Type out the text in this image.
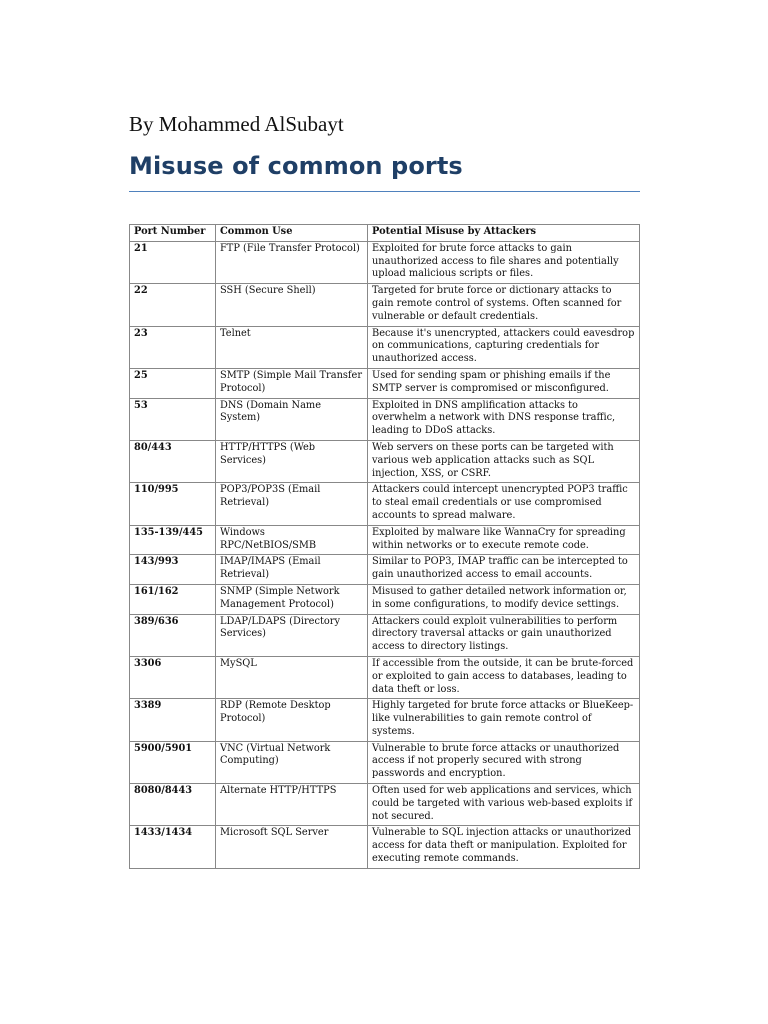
By Mohammed AlSubayt
Misuse of common ports
Port Number	Common Use	Potential Misuse by Attackers
21	FTP (File Transfer Protocol)	Exploited for brute force attacks to gain unauthorized access to file shares and potentially upload malicious scripts or files.
22	SSH (Secure Shell)	Targeted for brute force or dictionary attacks to gain remote control of systems. Often scanned for vulnerable or default credentials.
23	Telnet	Because it's unencrypted, attackers could eavesdrop on communications, capturing credentials for unauthorized access.
25	SMTP (Simple Mail Transfer Protocol)	Used for sending spam or phishing emails if the SMTP server is compromised or misconfigured.
53	DNS (Domain Name System)	Exploited in DNS amplification attacks to overwhelm a network with DNS response traffic, leading to DDoS attacks.
80/443	HTTP/HTTPS (Web Services)	Web servers on these ports can be targeted with various web application attacks such as SQL injection, XSS, or CSRF.
110/995	POP3/POP3S (Email Retrieval)	Attackers could intercept unencrypted POP3 traffic to steal email credentials or use compromised accounts to spread malware.
135-139/445	Windows RPC/NetBIOS/SMB	Exploited by malware like WannaCry for spreading within networks or to execute remote code.
143/993	IMAP/IMAPS (Email Retrieval)	Similar to POP3, IMAP traffic can be intercepted to gain unauthorized access to email accounts.
161/162	SNMP (Simple Network Management Protocol)	Misused to gather detailed network information or, in some configurations, to modify device settings.
389/636	LDAP/LDAPS (Directory Services)	Attackers could exploit vulnerabilities to perform directory traversal attacks or gain unauthorized access to directory listings.
3306	MySQL	If accessible from the outside, it can be brute-forced or exploited to gain access to databases, leading to data theft or loss.
3389	RDP (Remote Desktop Protocol)	Highly targeted for brute force attacks or BlueKeep-like vulnerabilities to gain remote control of systems.
5900/5901	VNC (Virtual Network Computing)	Vulnerable to brute force attacks or unauthorized access if not properly secured with strong passwords and encryption.
8080/8443	Alternate HTTP/HTTPS	Often used for web applications and services, which could be targeted with various web-based exploits if not secured.
1433/1434	Microsoft SQL Server	Vulnerable to SQL injection attacks or unauthorized access for data theft or manipulation. Exploited for executing remote commands.
